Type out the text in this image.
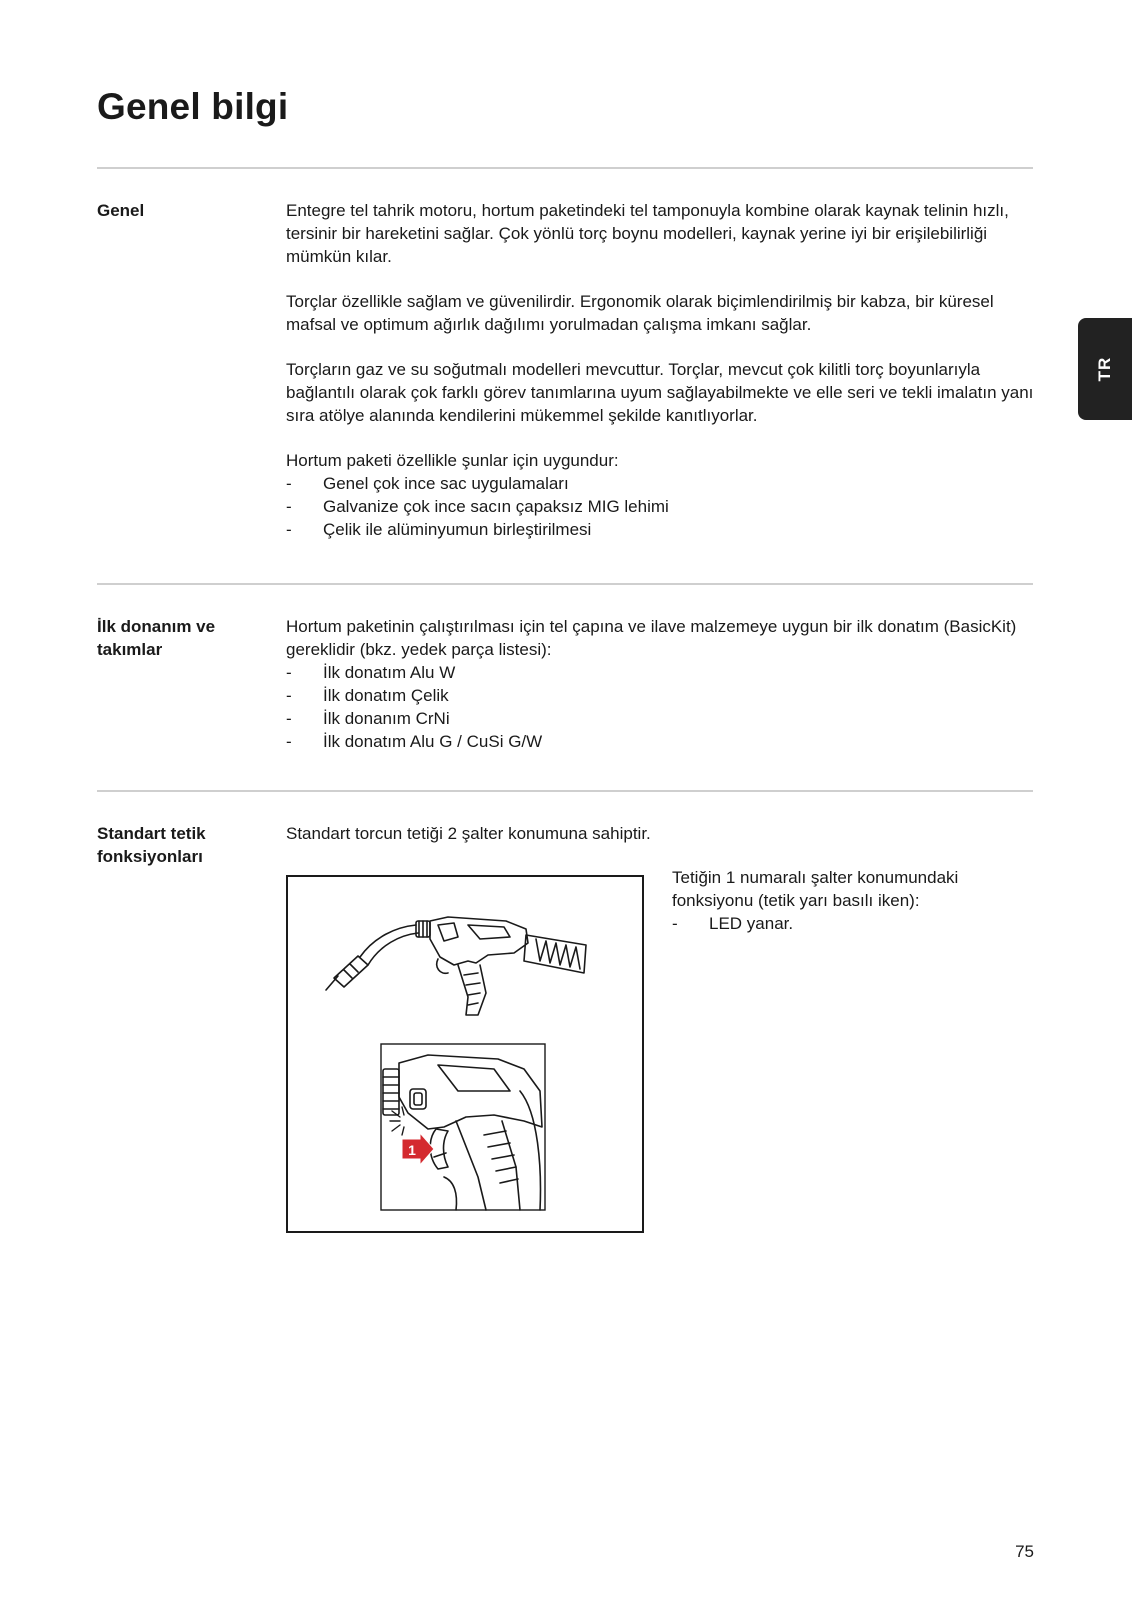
Genel bilgi
TR
Genel	Entegre tel tahrik motoru, hortum paketindeki tel tamponuyla kombine olarak kaynak telinin hızlı, tersinir bir hareketini sağlar. Çok yönlü torç boynu modelleri, kaynak yerine iyi bir erişilebilirliği mümkün kılar.

Torçlar özellikle sağlam ve güvenilirdir. Ergonomik olarak biçimlendirilmiş bir kabza, bir küresel mafsal ve optimum ağırlık dağılımı yorulmadan çalışma imkanı sağlar.

Torçların gaz ve su soğutmalı modelleri mevcuttur. Torçlar, mevcut çok kilitli torç boyunlarıyla bağlantılı olarak çok farklı görev tanımlarına uyum sağlayabilmekte ve elle seri ve tekli imalatın yanı sıra atölye alanında kendilerini mükemmel şekilde kanıtlıyorlar.

Hortum paketi özellikle şunlar için uygundur:

- Genel çok ince sac uygulamaları
- Galvanize çok ince sacın çapaksız MIG lehimi
- Çelik ile alüminyumun birleştirilmesi
İlk donanım ve takımlar

Hortum paketinin çalıştırılması için tel çapına ve ilave malzemeye uygun bir ilk donatım (BasicKit) gereklidir (bkz. yedek parça listesi):

- İlk donatım Alu W
- İlk donatım Çelik
- İlk donanım CrNi
- İlk donatım Alu G / CuSi G/W
Standart tetik fonksiyonları

Standart torcun tetiği 2 şalter konumuna sahiptir.

1

Tetiğin 1 numaralı şalter konumundaki fonksiyonu (tetik yarı basılı iken):

- LED yanar.
75
